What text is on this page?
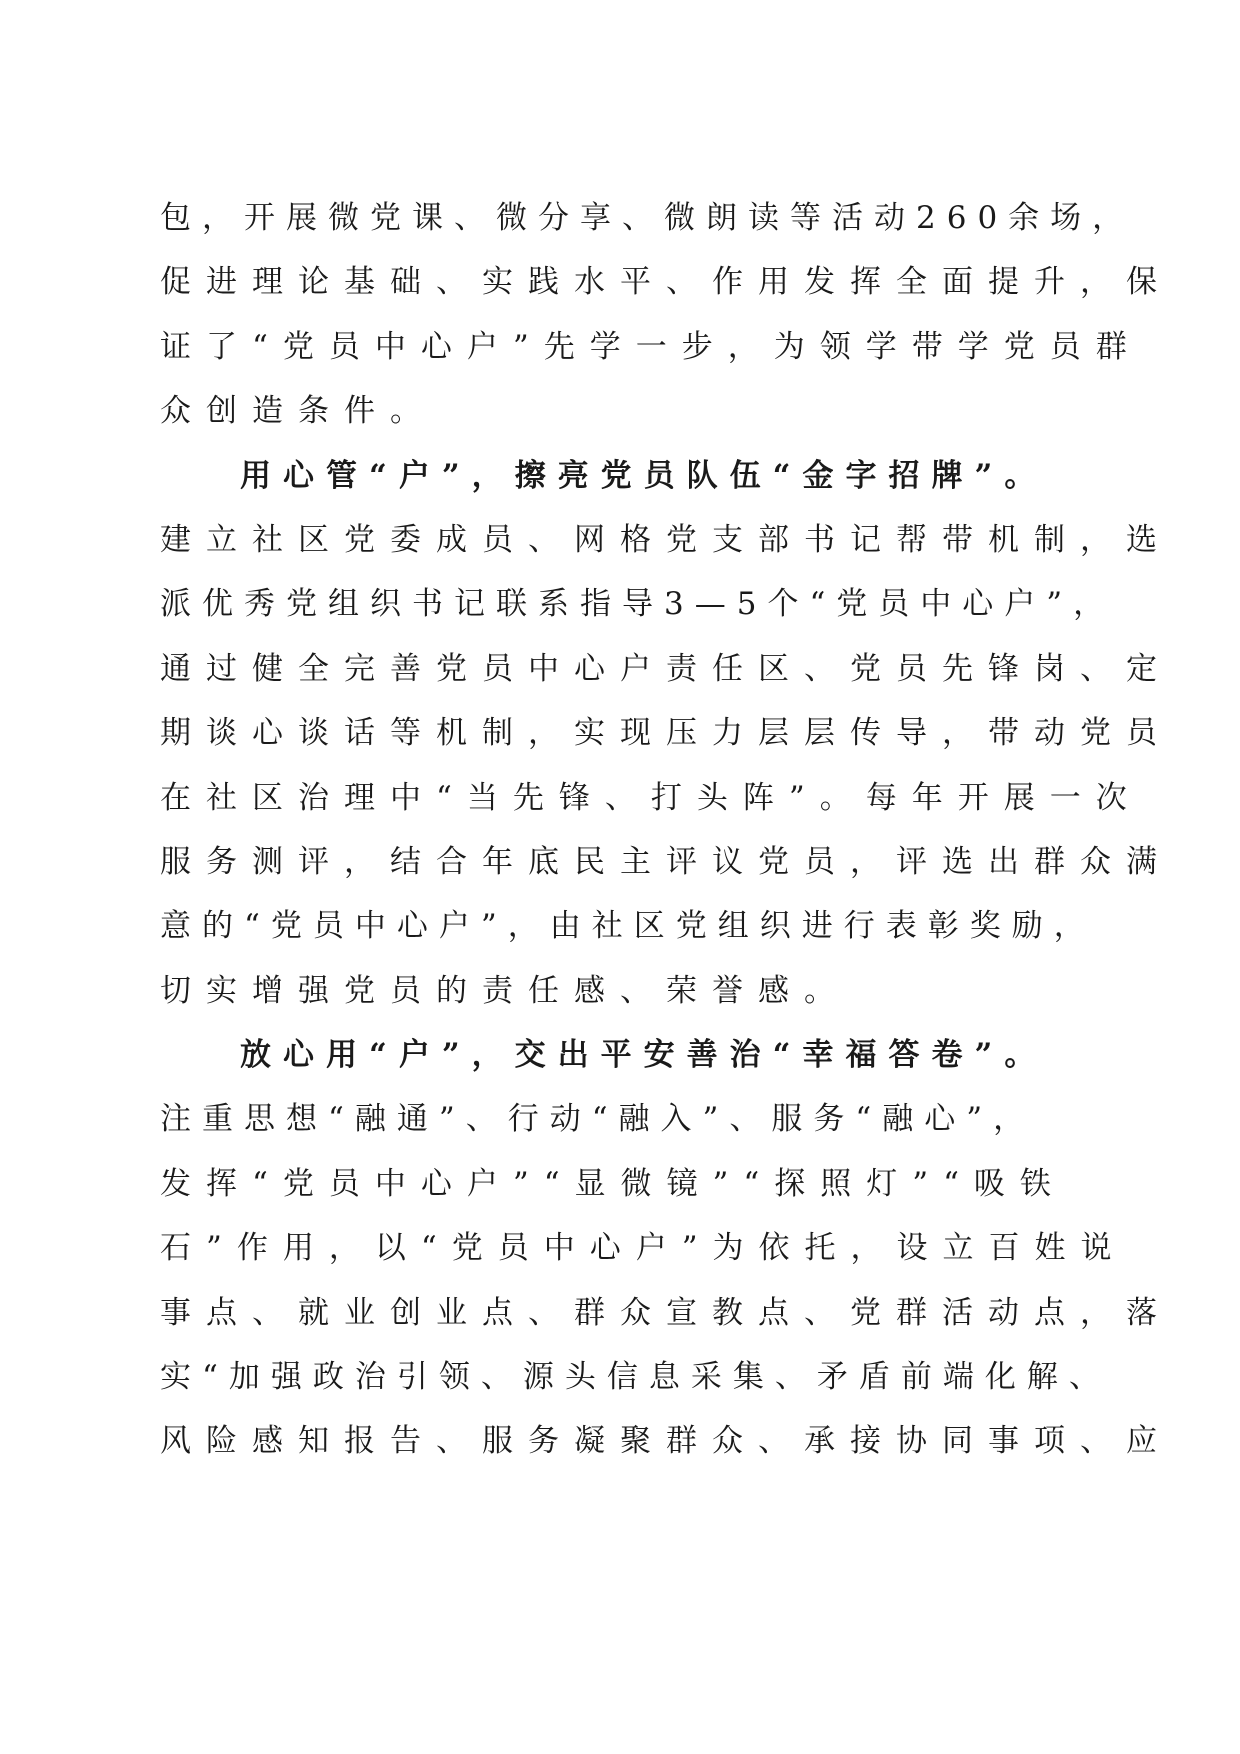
包，开展微党课、微分享、微朗读等活动260余场，
促进理论基础、实践水平、作用发挥全面提升，保
证了“党员中心户”先学一步，为领学带学党员群
众创造条件。
用心管“户”，擦亮党员队伍“金字招牌”。
建立社区党委成员、网格党支部书记帮带机制，选
派优秀党组织书记联系指导3—5个“党员中心户”，
通过健全完善党员中心户责任区、党员先锋岗、定
期谈心谈话等机制，实现压力层层传导，带动党员
在社区治理中“当先锋、打头阵”。每年开展一次
服务测评，结合年底民主评议党员，评选出群众满
意的“党员中心户”，由社区党组织进行表彰奖励，
切实增强党员的责任感、荣誉感。
放心用“户”，交出平安善治“幸福答卷”。
注重思想“融通”、行动“融入”、服务“融心”，
发挥“党员中心户”“显微镜”“探照灯”“吸铁
石”作用，以“党员中心户”为依托，设立百姓说
事点、就业创业点、群众宣教点、党群活动点，落
实“加强政治引领、源头信息采集、矛盾前端化解、
风险感知报告、服务凝聚群众、承接协同事项、应
